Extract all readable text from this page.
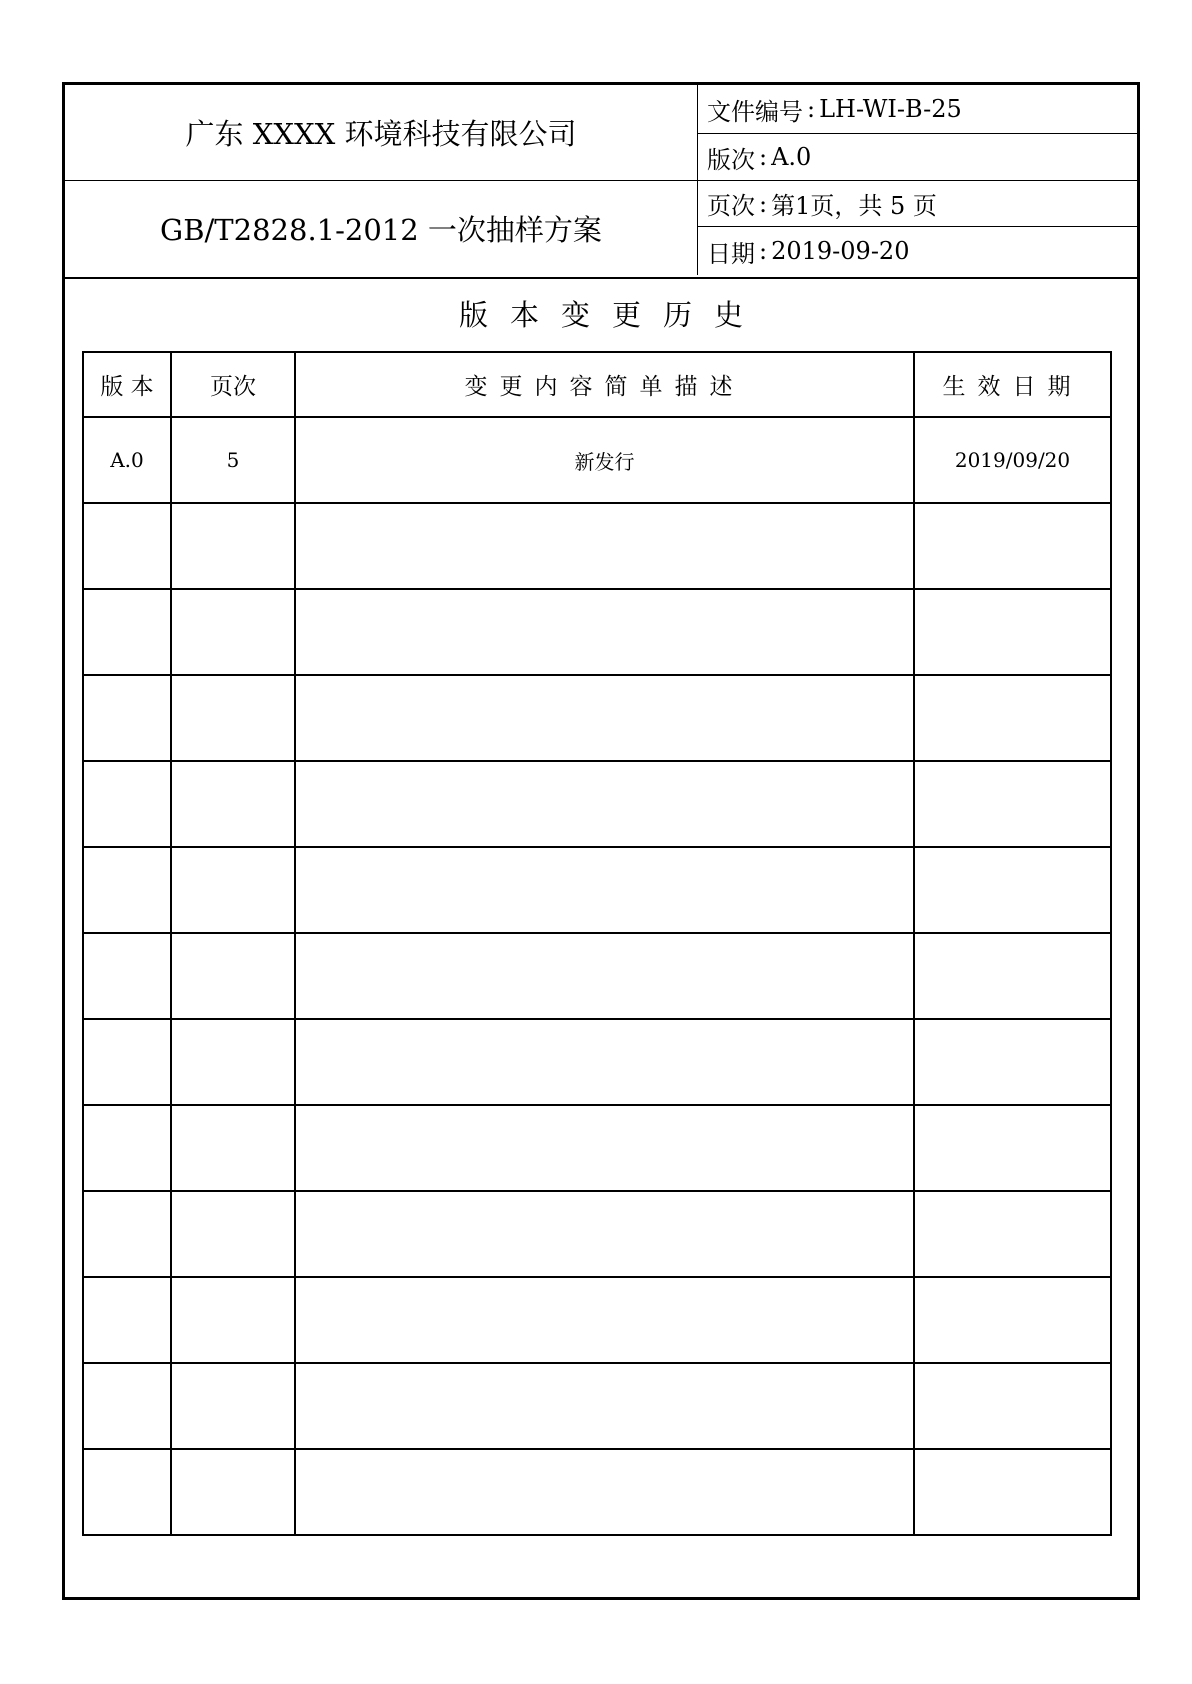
广东 XXXX 环境科技有限公司
GB/T2828.1-2012 一次抽样方案
文件编号 : LH-WI-B-25
版次 : A.0
页次 : 第1页，共 5 页
日期 : 2019-09-20
版本变更历史
版 本	页次	变更内容简单描述	生效日期
A.0	5	新发行	2019/09/20
